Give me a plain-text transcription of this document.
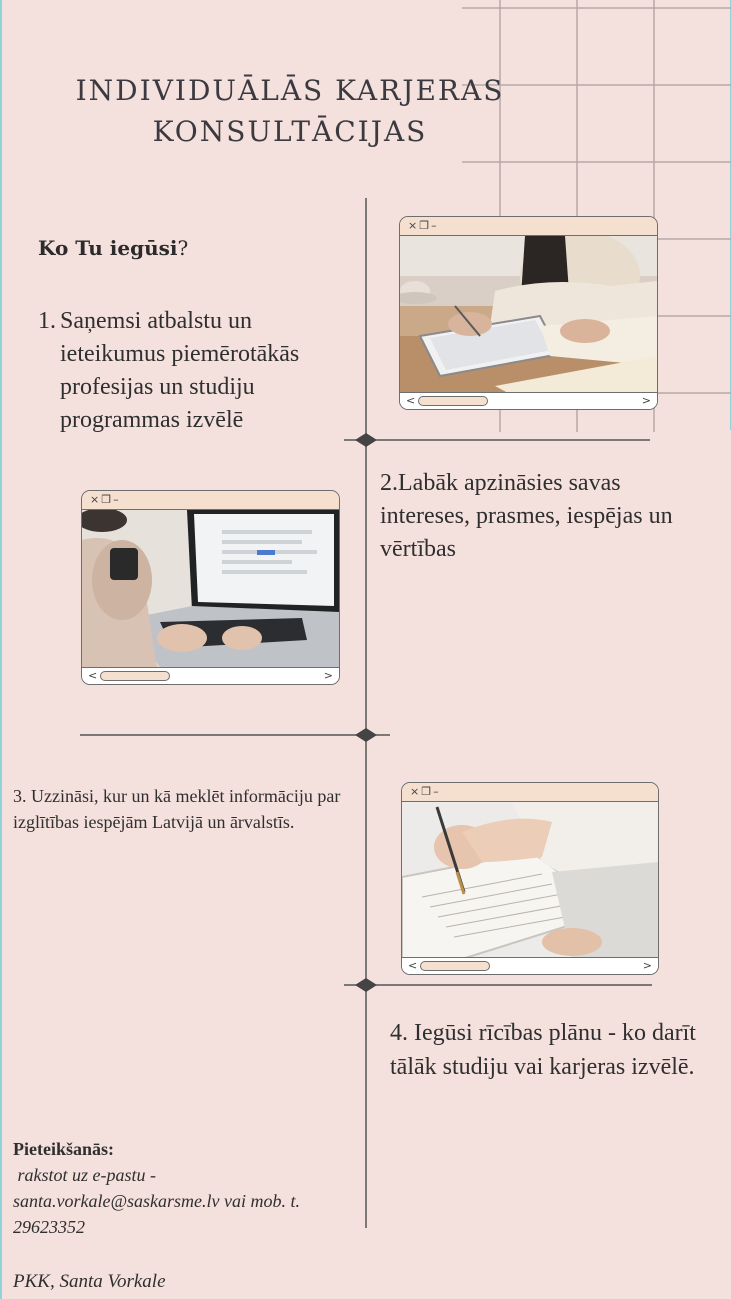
INDIVIDUĀLĀS KARJERAS
KONSULTĀCIJAS
Ko Tu iegūsi?
1. Saņemsi atbalstu un ieteikumus piemērotākās profesijas un studiju programmas izvēlē
× ❐ –
<	>
2.Labāk apzināsies savas intereses, prasmes, iespējas un vērtības
× ❐ –
<	>
3. Uzzināsi, kur un kā meklēt informāciju par izglītības iespējām Latvijā un ārvalstīs.
× ❐ –
<	>
4. Iegūsi rīcības plānu - ko darīt tālāk studiju vai karjeras izvēlē.
Pieteikšanās:
rakstot uz e-pastu -
santa.vorkale@saskarsme.lv vai mob. t.
29623352
PKK, Santa Vorkale
